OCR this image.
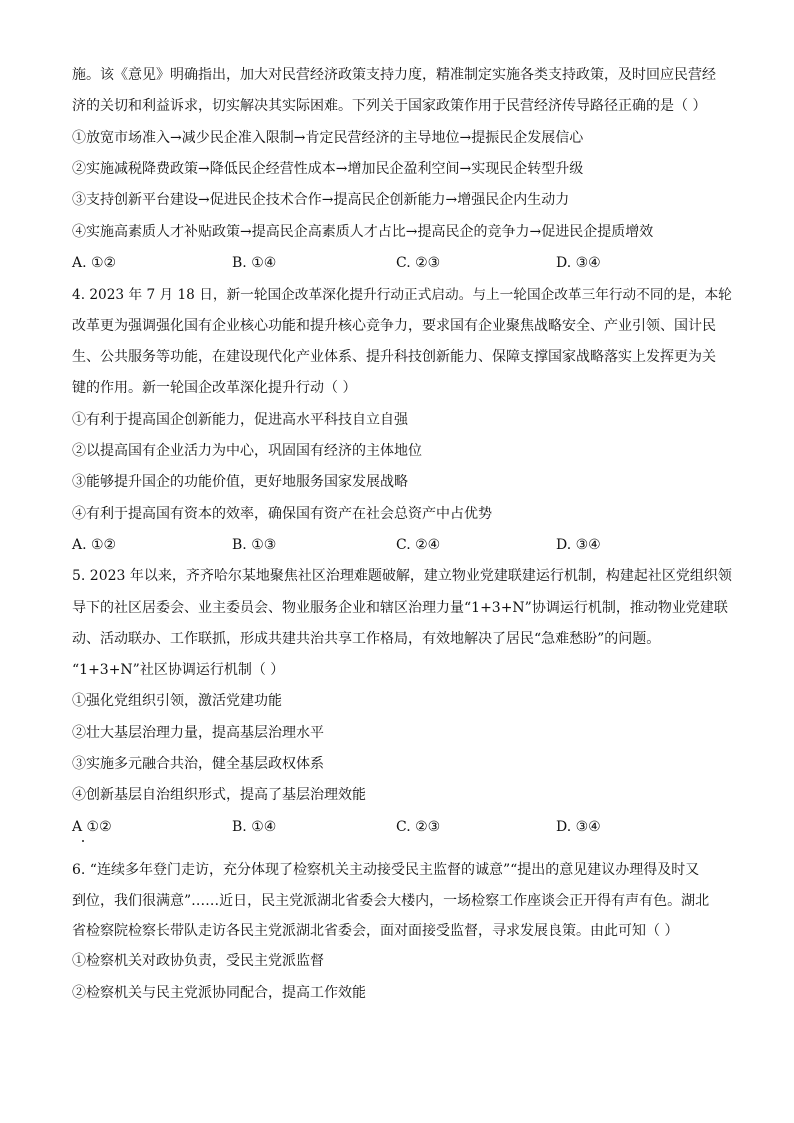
施。该《意见》明确指出，加大对民营经济政策支持力度，精准制定实施各类支持政策，及时回应民营经
济的关切和利益诉求，切实解决其实际困难。下列关于国家政策作用于民营经济传导路径正确的是（ ）
①放宽市场准入→减少民企准入限制→肯定民营经济的主导地位→提振民企发展信心
②实施减税降费政策→降低民企经营性成本→增加民企盈利空间→实现民企转型升级
③支持创新平台建设→促进民企技术合作→提高民企创新能力→增强民企内生动力
④实施高素质人才补贴政策→提高民企高素质人才占比→提高民企的竞争力→促进民企提质增效
A. ①②	B. ①④	C. ②③	D. ③④
4. 2023 年 7 月 18 日，新一轮国企改革深化提升行动正式启动。与上一轮国企改革三年行动不同的是，本轮
改革更为强调强化国有企业核心功能和提升核心竞争力，要求国有企业聚焦战略安全、产业引领、国计民
生、公共服务等功能，在建设现代化产业体系、提升科技创新能力、保障支撑国家战略落实上发挥更为关
键的作用。新一轮国企改革深化提升行动（ ）
①有利于提高国企创新能力，促进高水平科技自立自强
②以提高国有企业活力为中心，巩固国有经济的主体地位
③能够提升国企的功能价值，更好地服务国家发展战略
④有利于提高国有资本的效率，确保国有资产在社会总资产中占优势
A. ①②	B. ①③	C. ②④	D. ③④
5. 2023 年以来，齐齐哈尔某地聚焦社区治理难题破解，建立物业党建联建运行机制，构建起社区党组织领
导下的社区居委会、业主委员会、物业服务企业和辖区治理力量“1+3+N”协调运行机制，推动物业党建联
动、活动联办、工作联抓，形成共建共治共享工作格局，有效地解决了居民“急难愁盼”的问题。
“1+3+N”社区协调运行机制（ ）
①强化党组织引领，激活党建功能
②壮大基层治理力量，提高基层治理水平
③实施多元融合共治，健全基层政权体系
④创新基层自治组织形式，提高了基层治理效能
A ①②	B. ①④	C. ②③	D. ③④
6. “连续多年登门走访，充分体现了检察机关主动接受民主监督的诚意”“提出的意见建议办理得及时又
到位，我们很满意”……近日，民主党派湖北省委会大楼内，一场检察工作座谈会正开得有声有色。湖北
省检察院检察长带队走访各民主党派湖北省委会，面对面接受监督，寻求发展良策。由此可知（ ）
①检察机关对政协负责，受民主党派监督
②检察机关与民主党派协同配合，提高工作效能
